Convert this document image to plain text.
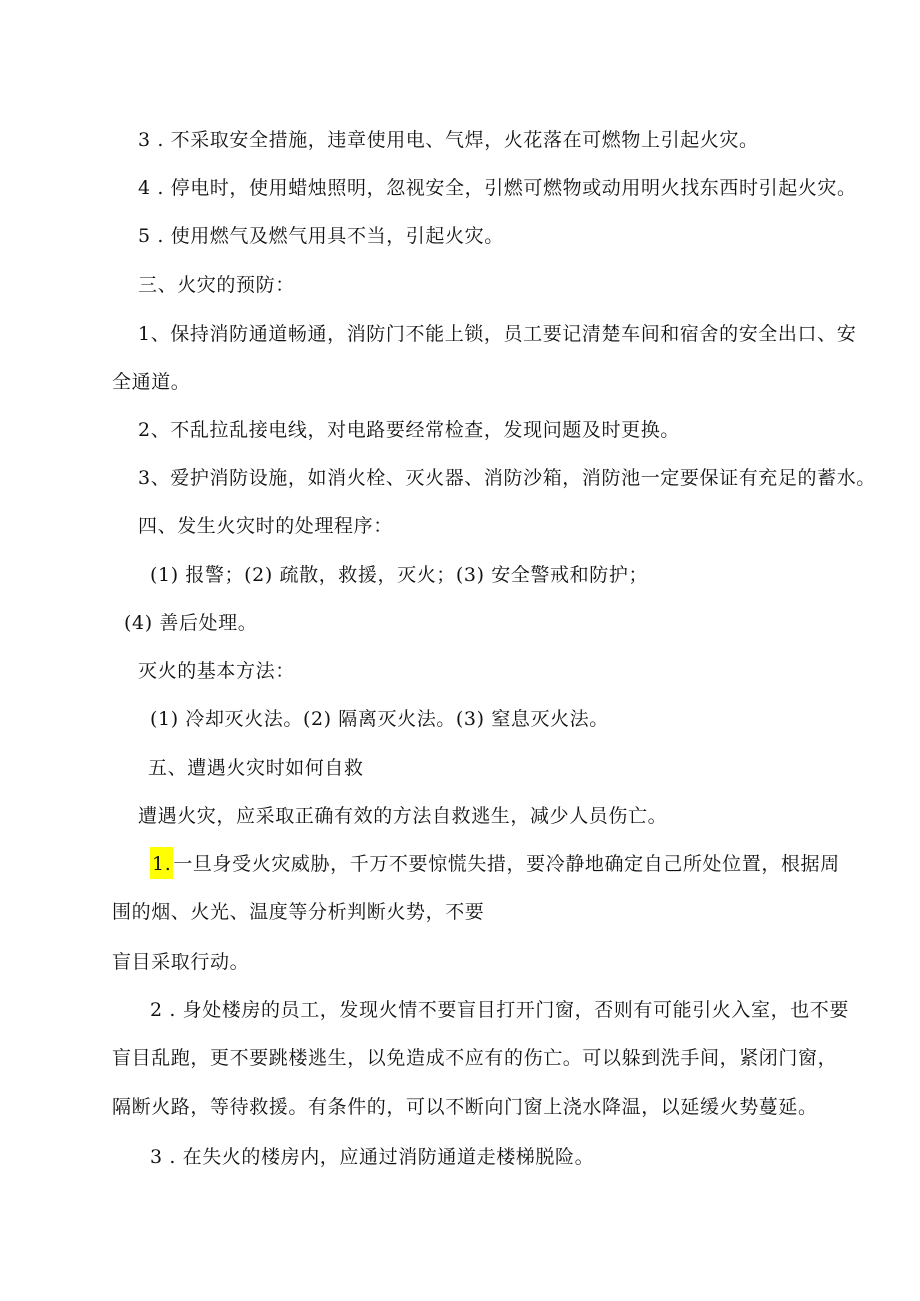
3 . 不采取安全措施，违章使用电、气焊，火花落在可燃物上引起火灾。
4 . 停电时，使用蜡烛照明，忽视安全，引燃可燃物或动用明火找东西时引起火灾。
5 . 使用燃气及燃气用具不当，引起火灾。
三、火灾的预防：
1、保持消防通道畅通，消防门不能上锁，员工要记清楚车间和宿舍的安全出口、安
全通道。
2、不乱拉乱接电线，对电路要经常检查，发现问题及时更换。
3、爱护消防设施，如消火栓、灭火器、消防沙箱，消防池一定要保证有充足的蓄水。
四、发生火灾时的处理程序：
(1) 报警；(2) 疏散，救援，灭火；(3) 安全警戒和防护；
(4) 善后处理。
灭火的基本方法：
(1) 冷却灭火法。(2) 隔离灭火法。(3) 窒息灭火法。
五、遭遇火灾时如何自救
遭遇火灾，应采取正确有效的方法自救逃生，减少人员伤亡。
1. 一旦身受火灾威胁，千万不要惊慌失措，要冷静地确定自己所处位置，根据周
围的烟、火光、温度等分析判断火势，不要
盲目采取行动。
2 . 身处楼房的员工，发现火情不要盲目打开门窗，否则有可能引火入室，也不要
盲目乱跑，更不要跳楼逃生，以免造成不应有的伤亡。可以躲到洗手间，紧闭门窗，
隔断火路，等待救援。有条件的，可以不断向门窗上浇水降温，以延缓火势蔓延。
3 . 在失火的楼房内，应通过消防通道走楼梯脱险。
